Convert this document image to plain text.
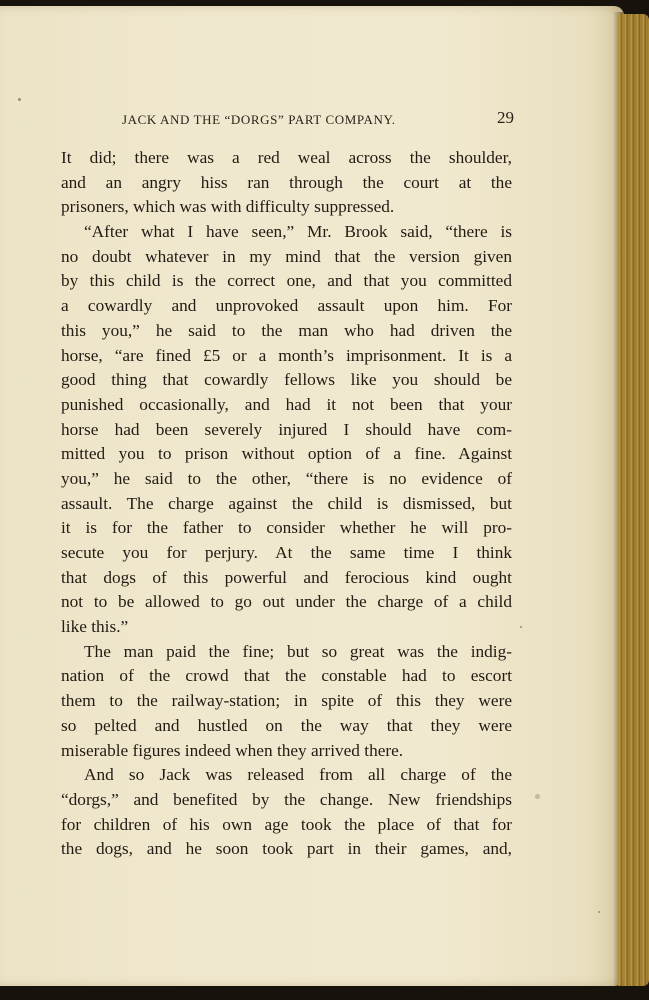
JACK AND THE “DORGS” PART COMPANY.	29
It did; there was a red weal across the shoulder,
and an angry hiss ran through the court at the
prisoners, which was with difficulty suppressed.
“After what I have seen,” Mr. Brook said, “there is
no doubt whatever in my mind that the version given
by this child is the correct one, and that you committed
a cowardly and unprovoked assault upon him. For
this you,” he said to the man who had driven the
horse, “are fined £5 or a month’s imprisonment. It is a
good thing that cowardly fellows like you should be
punished occasionally, and had it not been that your
horse had been severely injured I should have com-
mitted you to prison without option of a fine. Against
you,” he said to the other, “there is no evidence of
assault. The charge against the child is dismissed, but
it is for the father to consider whether he will pro-
secute you for perjury. At the same time I think
that dogs of this powerful and ferocious kind ought
not to be allowed to go out under the charge of a child
like this.”
The man paid the fine; but so great was the indig-
nation of the crowd that the constable had to escort
them to the railway-station; in spite of this they were
so pelted and hustled on the way that they were
miserable figures indeed when they arrived there.
And so Jack was released from all charge of the
“dorgs,” and benefited by the change. New friendships
for children of his own age took the place of that for
the dogs, and he soon took part in their games, and,
